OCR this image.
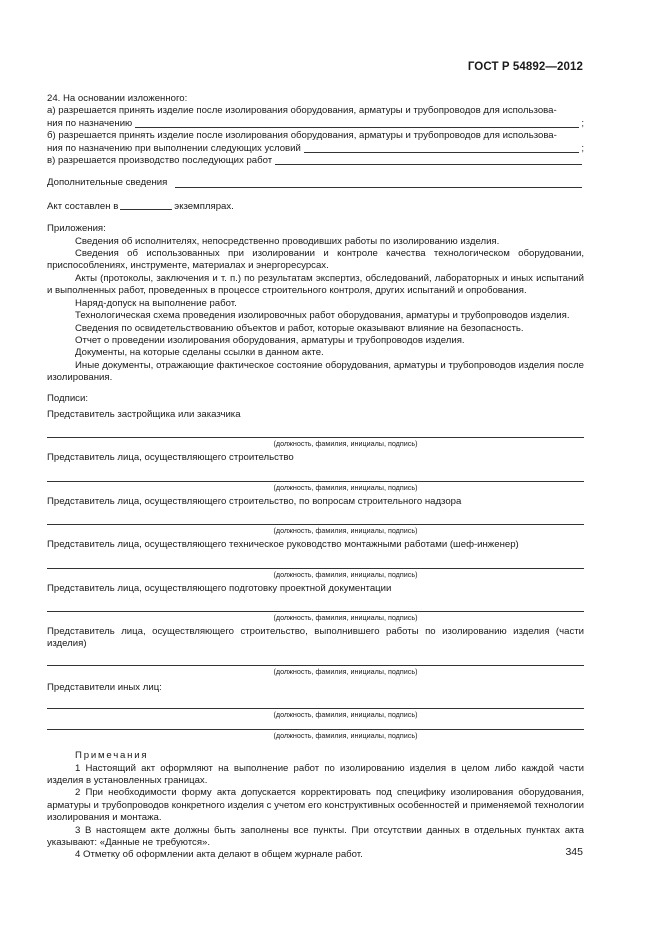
ГОСТ Р 54892—2012

24. На основании изложенного:

а) разрешается принять изделие после изолирования оборудования, арматуры и трубопроводов для использова-

ния по назначению	;

б) разрешается принять изделие после изолирования оборудования, арматуры и трубопроводов для использова-

ния по назначению при выполнении следующих условий	;
в) разрешается производство последующих работ
Дополнительные сведения

Акт составлен в	экземплярах.

Приложения:

Сведения об исполнителях, непосредственно проводивших работы по изолированию изделия.

Сведения об использованных при изолировании и контроле качества технологическом оборудовании, приспособлениях, инструменте, материалах и энергоресурсах.

Акты (протоколы, заключения и т. п.) по результатам экспертиз, обследований, лабораторных и иных испытаний и выполненных работ, проведенных в процессе строительного контроля, других испытаний и опробования.

Наряд-допуск на выполнение работ.

Технологическая схема проведения изолировочных работ оборудования, арматуры и трубопроводов изделия.

Сведения по освидетельствованию объектов и работ, которые оказывают влияние на безопасность.

Отчет о проведении изолирования оборудования, арматуры и трубопроводов изделия.

Документы, на которые сделаны ссылки в данном акте.

Иные документы, отражающие фактическое состояние оборудования, арматуры и трубопроводов изделия после изолирования.

Подписи:

Представитель застройщика или заказчика

(должность, фамилия, инициалы, подпись)

Представитель лица, осуществляющего строительство

(должность, фамилия, инициалы, подпись)

Представитель лица, осуществляющего строительство, по вопросам строительного надзора

(должность, фамилия, инициалы, подпись)

Представитель лица, осуществляющего техническое руководство монтажными работами (шеф-инженер)

(должность, фамилия, инициалы, подпись)

Представитель лица, осуществляющего подготовку проектной документации

(должность, фамилия, инициалы, подпись)

Представитель лица, осуществляющего строительство, выполнившего работы по изолированию изделия (части изделия)

(должность, фамилия, инициалы, подпись)

Представители иных лиц:

(должность, фамилия, инициалы, подпись)
(должность, фамилия, инициалы, подпись)

Примечания

1 Настоящий акт оформляют на выполнение работ по изолированию изделия в целом либо каждой части изделия в установленных границах.

2 При необходимости форму акта допускается корректировать под специфику изолирования оборудования, арматуры и трубопроводов конкретного изделия с учетом его конструктивных особенностей и применяемой технологии изолирования и монтажа.

3 В настоящем акте должны быть заполнены все пункты. При отсутствии данных в отдельных пунктах акта указывают: «Данные не требуются».

4 Отметку об оформлении акта делают в общем журнале работ.	345
